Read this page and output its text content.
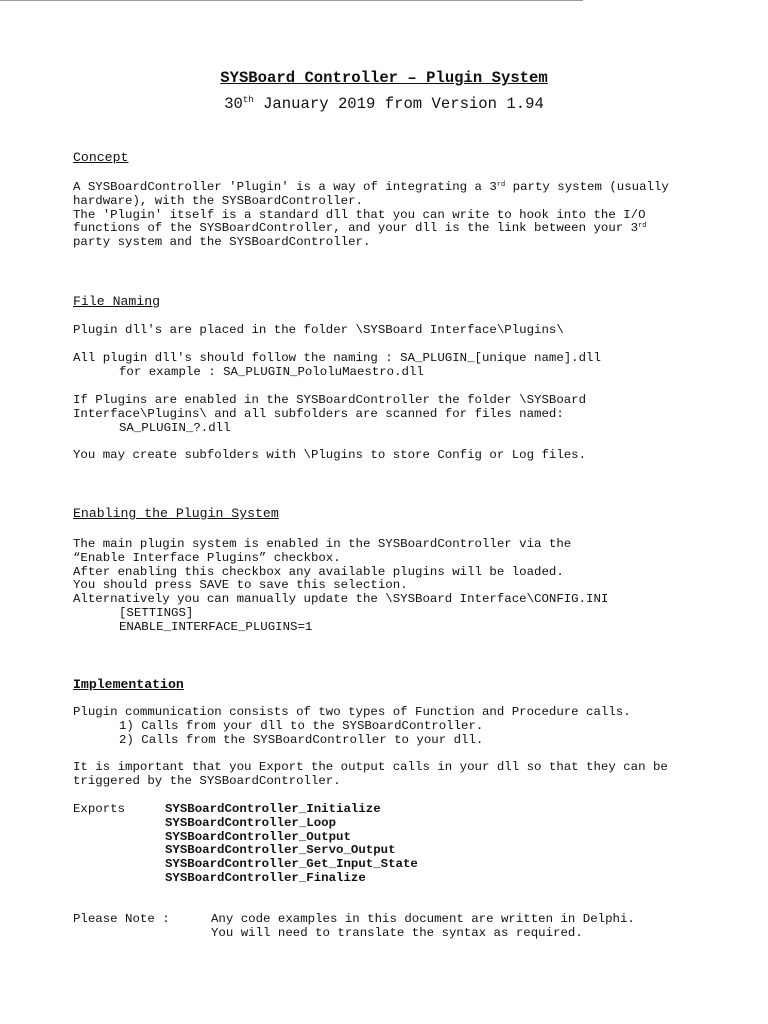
SYSBoard Controller – Plugin System
30th January 2019 from Version 1.94
Concept
A SYSBoardController 'Plugin' is a way of integrating a 3rd party system (usually
hardware), with the SYSBoardController.
The 'Plugin' itself is a standard dll that you can write to hook into the I/O
functions of the SYSBoardController, and your dll is the link between your 3rd
party system and the SYSBoardController.
File Naming
Plugin dll's are placed in the folder \SYSBoard Interface\Plugins\
All plugin dll's should follow the naming : SA_PLUGIN_[unique name].dll
for example : SA_PLUGIN_PololuMaestro.dll
If Plugins are enabled in the SYSBoardController the folder \SYSBoard
Interface\Plugins\ and all subfolders are scanned for files named:
SA_PLUGIN_?.dll
You may create subfolders with \Plugins to store Config or Log files.
Enabling the Plugin System
The main plugin system is enabled in the SYSBoardController via the
“Enable Interface Plugins” checkbox.
After enabling this checkbox any available plugins will be loaded.
You should press SAVE to save this selection.
Alternatively you can manually update the \SYSBoard Interface\CONFIG.INI
[SETTINGS]
ENABLE_INTERFACE_PLUGINS=1
Implementation
Plugin communication consists of two types of Function and Procedure calls.
1) Calls from your dll to the SYSBoardController.
2) Calls from the SYSBoardController to your dll.
It is important that you Export the output calls in your dll so that they can be
triggered by the SYSBoardController.
Exports	SYSBoardController_Initialize
SYSBoardController_Loop
SYSBoardController_Output
SYSBoardController_Servo_Output
SYSBoardController_Get_Input_State
SYSBoardController_Finalize
Please Note :	Any code examples in this document are written in Delphi.
You will need to translate the syntax as required.
